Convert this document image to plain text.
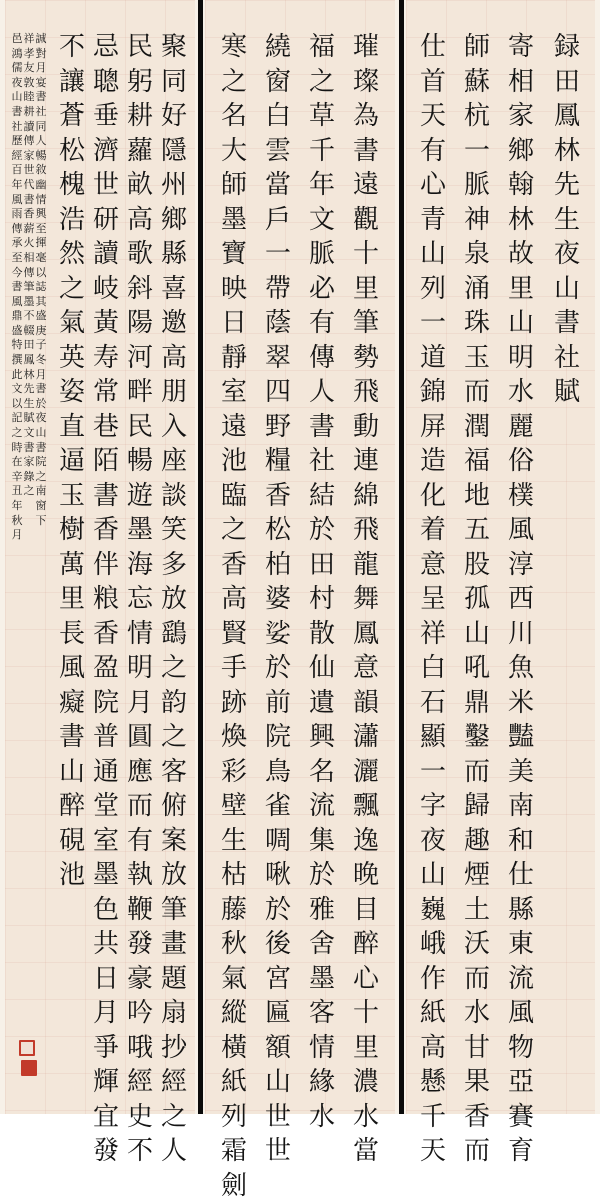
邑鴻儒夜山書社歷經百年風雨傳承至今書風鼎盛特撰此文以記之時在辛丑年秋月
祥孝友敦睦耕讀傳家世代書香薪火相傳筆墨不輟田鳳林先生賦文書家錄之
誠對月宴書社同人暢敘幽情興至揮毫以誌其盛庚子冬月書於夜山書院之南窗下
不讓蒼松槐浩然之氣英姿直逼玉樹萬里長風癡書山醉硯池
忌聰垂濟世研讀岐黃寿常巷陌書香伴粮香盈院普通堂室墨色共日月爭輝宜發
民躬耕蘿畝高歌斜陽河畔民暢遊墨海忘情明月圓應而有執鞭發豪吟哦經史不
聚同好隱州鄉縣喜邀高朋入座談笑多放鷂之韵之客俯案放筆畫題扇抄經之人
寒之名大師墨寶映日靜室遠池臨之香高賢手跡煥彩壁生枯藤秋氣縱橫紙列霜劍
繞窗白雲當戶一帶蔭翠四野糧香松柏婆娑於前院鳥雀啁啾於後宮匾額山世世
福之草千年文脈必有傳人書社結於田村散仙遺興名流集於雅舍墨客情緣水
璀璨為書遠觀十里筆勢飛動連綿飛龍舞鳳意韻瀟灑飄逸晚目醉心十里濃水當
仕首天有心青山列一道錦屏造化着意呈祥白石顯一字夜山巍峨作紙高懸千天
師蘇杭一脈神泉涌珠玉而潤福地五股孤山吼鼎鑿而歸趣煙土沃而水甘果香而
寄相家鄉翰林故里山明水麗俗樸風淳西川魚米豔美南和仕縣東流風物亞賽育
録田鳳林先生夜山書社賦
